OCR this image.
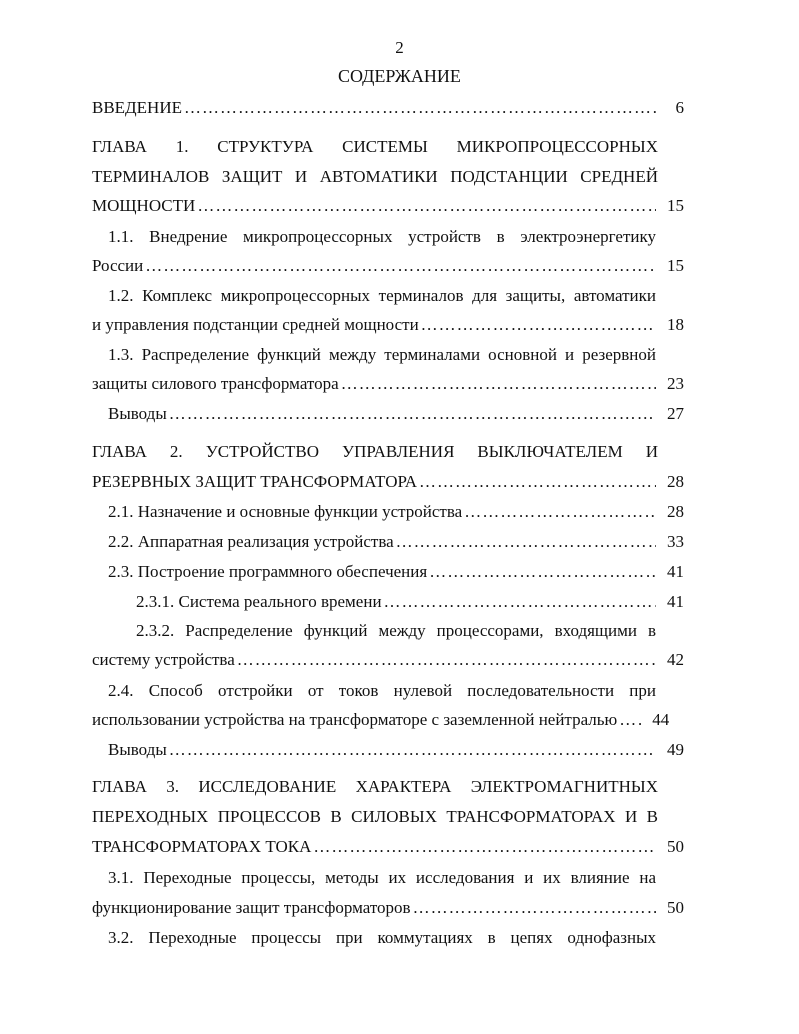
2
СОДЕРЖАНИЕ
ВВЕДЕНИЕ ……………………………………………………………………………………………………………………………	6
ГЛАВА 1. СТРУКТУРА СИСТЕМЫ МИКРОПРОЦЕССОРНЫХ
ТЕРМИНАЛОВ ЗАЩИТ И АВТОМАТИКИ ПОДСТАНЦИИ СРЕДНЕЙ
МОЩНОСТИ ……………………………………………………………………………………………………………………………	15
1.1. Внедрение микропроцессорных устройств в электроэнергетику
России ……………………………………………………………………………………………………………………………	15
1.2. Комплекс микропроцессорных терминалов для защиты, автоматики
и управления подстанции средней мощности ……………………………………………………………………………………………………………………………	18
1.3. Распределение функций между терминалами основной и резервной
защиты силового трансформатора ……………………………………………………………………………………………………………………………	23
Выводы ……………………………………………………………………………………………………………………………	27
ГЛАВА 2. УСТРОЙСТВО УПРАВЛЕНИЯ ВЫКЛЮЧАТЕЛЕМ И
РЕЗЕРВНЫХ ЗАЩИТ ТРАНСФОРМАТОРА ……………………………………………………………………………………………………………………………	28
2.1. Назначение и основные функции устройства ……………………………………………………………………………………………………………………………	28
2.2. Аппаратная реализация устройства ……………………………………………………………………………………………………………………………	33
2.3. Построение программного обеспечения ……………………………………………………………………………………………………………………………	41
2.3.1. Система реального времени ……………………………………………………………………………………………………………………………	41
2.3.2. Распределение функций между процессорами, входящими в
систему устройства ……………………………………………………………………………………………………………………………	42
2.4. Способ отстройки от токов нулевой последовательности при
использовании устройства на трансформаторе с заземленной нейтралью ……………………………………………………………………………………………………………………………	44
Выводы ……………………………………………………………………………………………………………………………	49
ГЛАВА 3. ИССЛЕДОВАНИЕ ХАРАКТЕРА ЭЛЕКТРОМАГНИТНЫХ
ПЕРЕХОДНЫХ ПРОЦЕССОВ В СИЛОВЫХ ТРАНСФОРМАТОРАХ И В
ТРАНСФОРМАТОРАХ ТОКА ……………………………………………………………………………………………………………………………	50
3.1. Переходные процессы, методы их исследования и их влияние на
функционирование защит трансформаторов ……………………………………………………………………………………………………………………………	50
3.2. Переходные процессы при коммутациях в цепях однофазных
